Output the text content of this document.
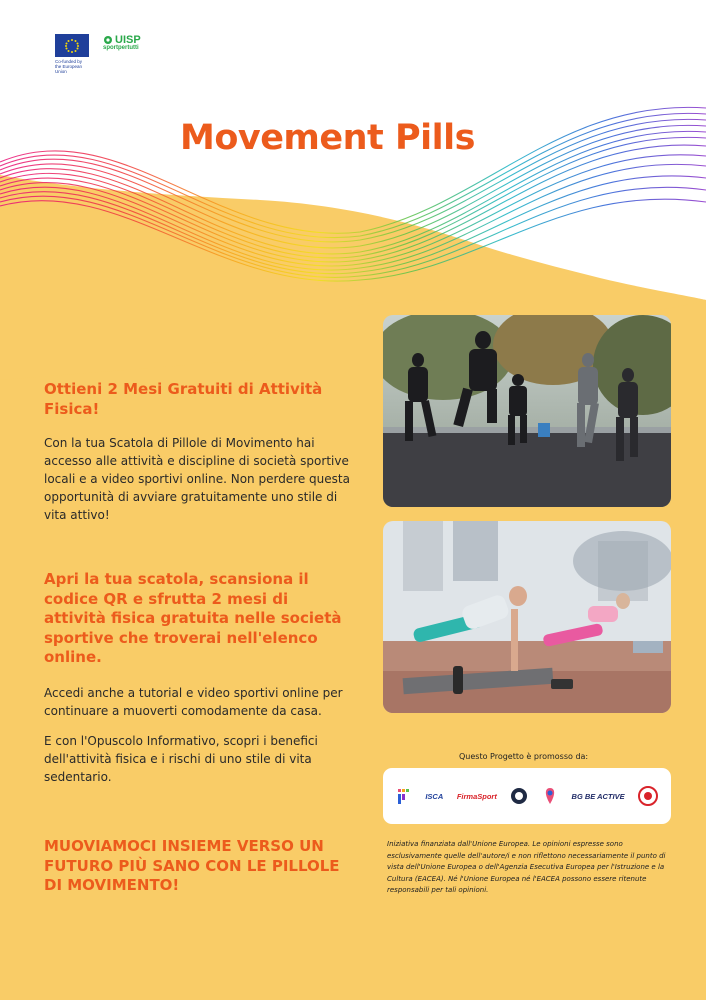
Co-funded by the European Union
UISP
sportpertutti
Movement Pills
Ottieni 2 Mesi Gratuiti di Attività Fisica!
Con la tua Scatola di Pillole di Movimento hai accesso alle attività e discipline di società sportive locali e a video sportivi online. Non perdere questa opportunità di avviare gratuitamente uno stile di vita attivo!
Apri la tua scatola, scansiona il codice QR e sfrutta 2 mesi di attività fisica gratuita nelle società sportive che troverai nell'elenco online.
Accedi anche a tutorial e video sportivi online per continuare a muoverti comodamente da casa.
E con l'Opuscolo Informativo, scopri i benefici dell'attività fisica e i rischi di uno stile di vita sedentario.
MUOVIAMOCI INSIEME VERSO UN FUTURO PIÙ SANO CON LE PILLOLE DI MOVIMENTO!
Questo Progetto è promosso da:
ISCA FirmaSport	BG BE ACTIVE
Iniziativa finanziata dall'Unione Europea. Le opinioni espresse sono esclusivamente quelle dell'autore/i e non riflettono necessariamente il punto di vista dell'Unione Europea o dell'Agenzia Esecutiva Europea per l'Istruzione e la Cultura (EACEA). Né l'Unione Europea né l'EACEA possono essere ritenute responsabili per tali opinioni.
